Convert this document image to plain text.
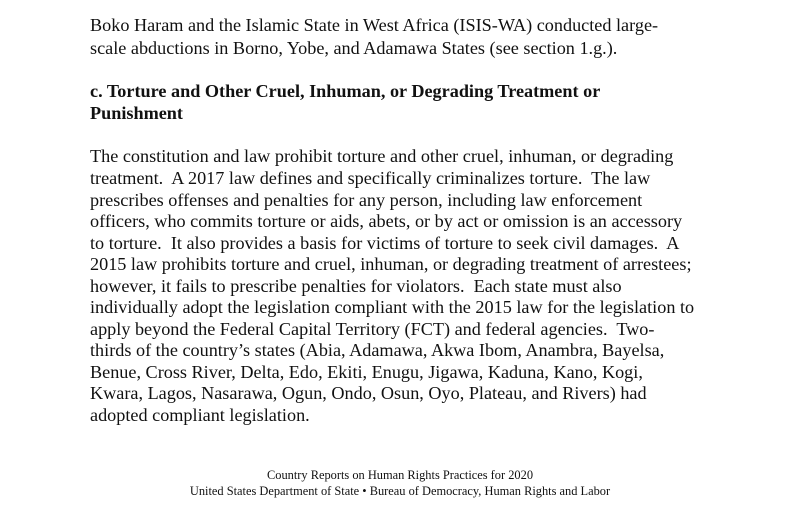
Boko Haram and the Islamic State in West Africa (ISIS-WA) conducted large-
scale abductions in Borno, Yobe, and Adamawa States (see section 1.g.).
c. Torture and Other Cruel, Inhuman, or Degrading Treatment or
Punishment
The constitution and law prohibit torture and other cruel, inhuman, or degrading
treatment.  A 2017 law defines and specifically criminalizes torture.  The law
prescribes offenses and penalties for any person, including law enforcement
officers, who commits torture or aids, abets, or by act or omission is an accessory
to torture.  It also provides a basis for victims of torture to seek civil damages.  A
2015 law prohibits torture and cruel, inhuman, or degrading treatment of arrestees;
however, it fails to prescribe penalties for violators.  Each state must also
individually adopt the legislation compliant with the 2015 law for the legislation to
apply beyond the Federal Capital Territory (FCT) and federal agencies.  Two-
thirds of the country’s states (Abia, Adamawa, Akwa Ibom, Anambra, Bayelsa,
Benue, Cross River, Delta, Edo, Ekiti, Enugu, Jigawa, Kaduna, Kano, Kogi,
Kwara, Lagos, Nasarawa, Ogun, Ondo, Osun, Oyo, Plateau, and Rivers) had
adopted compliant legislation.
Country Reports on Human Rights Practices for 2020
United States Department of State • Bureau of Democracy, Human Rights and Labor
